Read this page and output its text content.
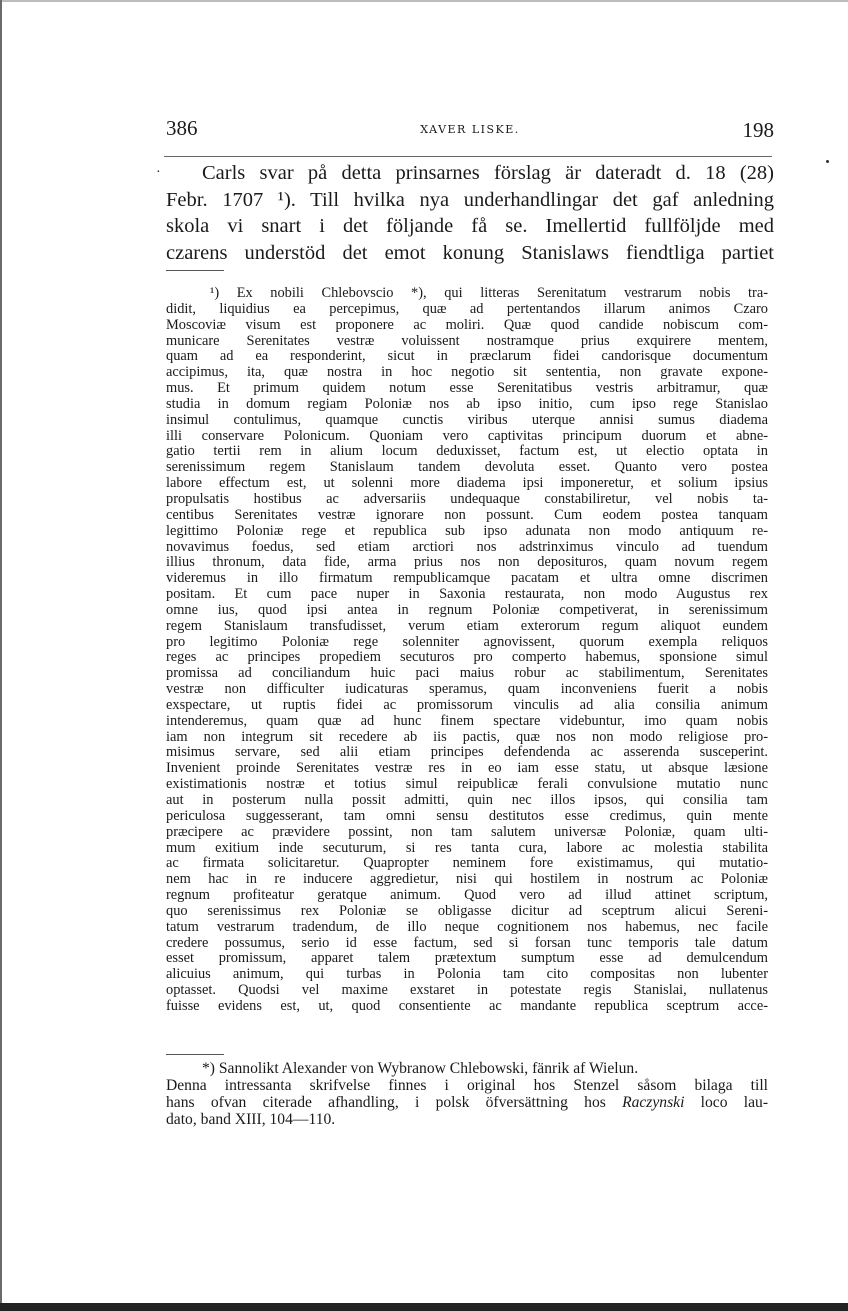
386	XAVER LISKE.	198
·	Carls svar på detta prinsarnes förslag är dateradt d. 18 (28)
Febr. 1707 ¹). Till hvilka nya underhandlingar det gaf anledning
skola vi snart i det följande få se. Imellertid fullföljde med
czarens understöd det emot konung Stanislaws fiendtliga partiet
¹) Ex nobili Chlebovscio *), qui litteras Serenitatum vestrarum nobis tra-
didit, liquidius ea percepimus, quæ ad pertentandos illarum animos Czaro
Moscoviæ visum est proponere ac moliri. Quæ quod candide nobiscum com-
municare Serenitates vestræ voluissent nostramque prius exquirere mentem,
quam ad ea responderint, sicut in præclarum fidei candorisque documentum
accipimus, ita, quæ nostra in hoc negotio sit sententia, non gravate expone-
mus. Et primum quidem notum esse Serenitatibus vestris arbitramur, quæ
studia in domum regiam Poloniæ nos ab ipso initio, cum ipso rege Stanislao
insimul contulimus, quamque cunctis viribus uterque annisi sumus diadema
illi conservare Polonicum. Quoniam vero captivitas principum duorum et abne-
gatio tertii rem in alium locum deduxisset, factum est, ut electio optata in
serenissimum regem Stanislaum tandem devoluta esset. Quanto vero postea
labore effectum est, ut solenni more diadema ipsi imponeretur, et solium ipsius
propulsatis hostibus ac adversariis undequaque constabiliretur, vel nobis ta-
centibus Serenitates vestræ ignorare non possunt. Cum eodem postea tanquam
legittimo Poloniæ rege et republica sub ipso adunata non modo antiquum re-
novavimus foedus, sed etiam arctiori nos adstrinximus vinculo ad tuendum
illius thronum, data fide, arma prius nos non deposituros, quam novum regem
videremus in illo firmatum rempublicamque pacatam et ultra omne discrimen
positam. Et cum pace nuper in Saxonia restaurata, non modo Augustus rex
omne ius, quod ipsi antea in regnum Poloniæ competiverat, in serenissimum
regem Stanislaum transfudisset, verum etiam exterorum regum aliquot eundem
pro legitimo Poloniæ rege solenniter agnovissent, quorum exempla reliquos
reges ac principes propediem secuturos pro comperto habemus, sponsione simul
promissa ad conciliandum huic paci maius robur ac stabilimentum, Serenitates
vestræ non difficulter iudicaturas speramus, quam inconveniens fuerit a nobis
exspectare, ut ruptis fidei ac promissorum vinculis ad alia consilia animum
intenderemus, quam quæ ad hunc finem spectare videbuntur, imo quam nobis
iam non integrum sit recedere ab iis pactis, quæ nos non modo religiose pro-
misimus servare, sed alii etiam principes defendenda ac asserenda susceperint.
Invenient proinde Serenitates vestræ res in eo iam esse statu, ut absque læsione
existimationis nostræ et totius simul reipublicæ ferali convulsione mutatio nunc
aut in posterum nulla possit admitti, quin nec illos ipsos, qui consilia tam
periculosa suggesserant, tam omni sensu destitutos esse credimus, quin mente
præcipere ac prævidere possint, non tam salutem universæ Poloniæ, quam ulti-
mum exitium inde secuturum, si res tanta cura, labore ac molestia stabilita
ac firmata solicitaretur. Quapropter neminem fore existimamus, qui mutatio-
nem hac in re inducere aggredietur, nisi qui hostilem in nostrum ac Poloniæ
regnum profiteatur geratque animum. Quod vero ad illud attinet scriptum,
quo serenissimus rex Poloniæ se obligasse dicitur ad sceptrum alicui Sereni-
tatum vestrarum tradendum, de illo neque cognitionem nos habemus, nec facile
credere possumus, serio id esse factum, sed si forsan tunc temporis tale datum
esset promissum, apparet talem prætextum sumptum esse ad demulcendum
alicuius animum, qui turbas in Polonia tam cito compositas non lubenter
optasset. Quodsi vel maxime exstaret in potestate regis Stanislai, nullatenus
fuisse evidens est, ut, quod consentiente ac mandante republica sceptrum acce-
*) Sannolikt Alexander von Wybranow Chlebowski, fänrik af Wielun.
Denna intressanta skrifvelse finnes i original hos Stenzel såsom bilaga till
hans ofvan citerade afhandling, i polsk öfversättning hos Raczynski loco lau-
dato, band XIII, 104—110.
